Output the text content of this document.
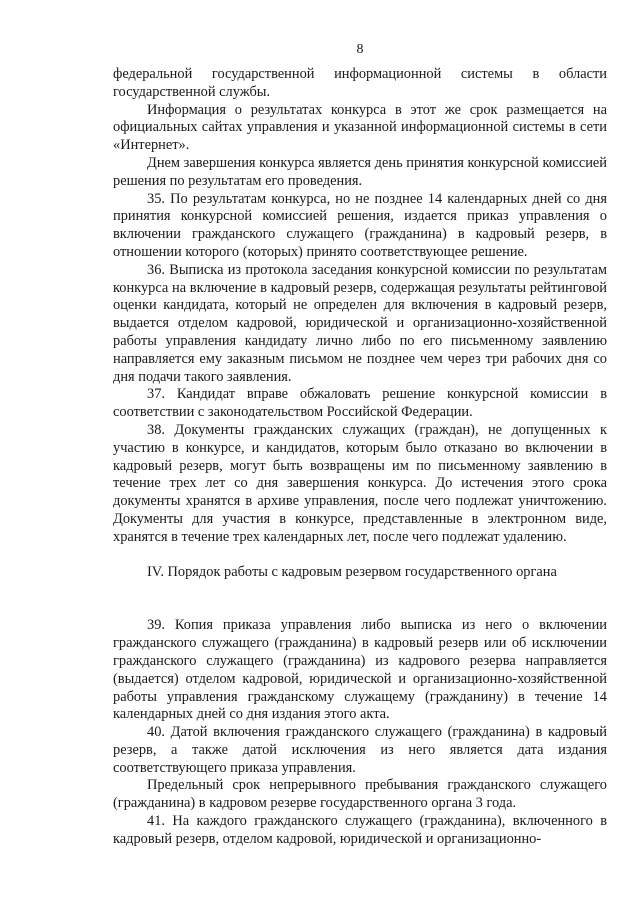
8

федеральной государственной информационной системы в области государственной службы.

Информация о результатах конкурса в этот же срок размещается на официальных сайтах управления и указанной информационной системы в сети «Интернет».

Днем завершения конкурса является день принятия конкурсной комиссией решения по результатам его проведения.

35. По результатам конкурса, но не позднее 14 календарных дней со дня принятия конкурсной комиссией решения, издается приказ управления о включении гражданского служащего (гражданина) в кадровый резерв, в отношении которого (которых) принято соответствующее решение.

36. Выписка из протокола заседания конкурсной комиссии по результатам конкурса на включение в кадровый резерв, содержащая результаты рейтинговой оценки кандидата, который не определен для включения в кадровый резерв, выдается отделом кадровой, юридической и организационно-хозяйственной работы управления кандидату лично либо по его письменному заявлению направляется ему заказным письмом не позднее чем через три рабочих дня со дня подачи такого заявления.

37. Кандидат вправе обжаловать решение конкурсной комиссии в соответствии с законодательством Российской Федерации.

38. Документы гражданских служащих (граждан), не допущенных к участию в конкурсе, и кандидатов, которым было отказано во включении в кадровый резерв, могут быть возвращены им по письменному заявлению в течение трех лет со дня завершения конкурса. До истечения этого срока документы хранятся в архиве управления, после чего подлежат уничтожению. Документы для участия в конкурсе, представленные в электронном виде, хранятся в течение трех календарных лет, после чего подлежат удалению.

IV. Порядок работы с кадровым резервом государственного органа

39. Копия приказа управления либо выписка из него о включении гражданского служащего (гражданина) в кадровый резерв или об исключении гражданского служащего (гражданина) из кадрового резерва направляется (выдается) отделом кадровой, юридической и организационно-хозяйственной работы управления гражданскому служащему (гражданину) в течение 14 календарных дней со дня издания этого акта.

40. Датой включения гражданского служащего (гражданина) в кадровый резерв, а также датой исключения из него является дата издания соответствующего приказа управления.

Предельный срок непрерывного пребывания гражданского служащего (гражданина) в кадровом резерве государственного органа 3 года.

41. На каждого гражданского служащего (гражданина), включенного в кадровый резерв, отделом кадровой, юридической и организационно-
